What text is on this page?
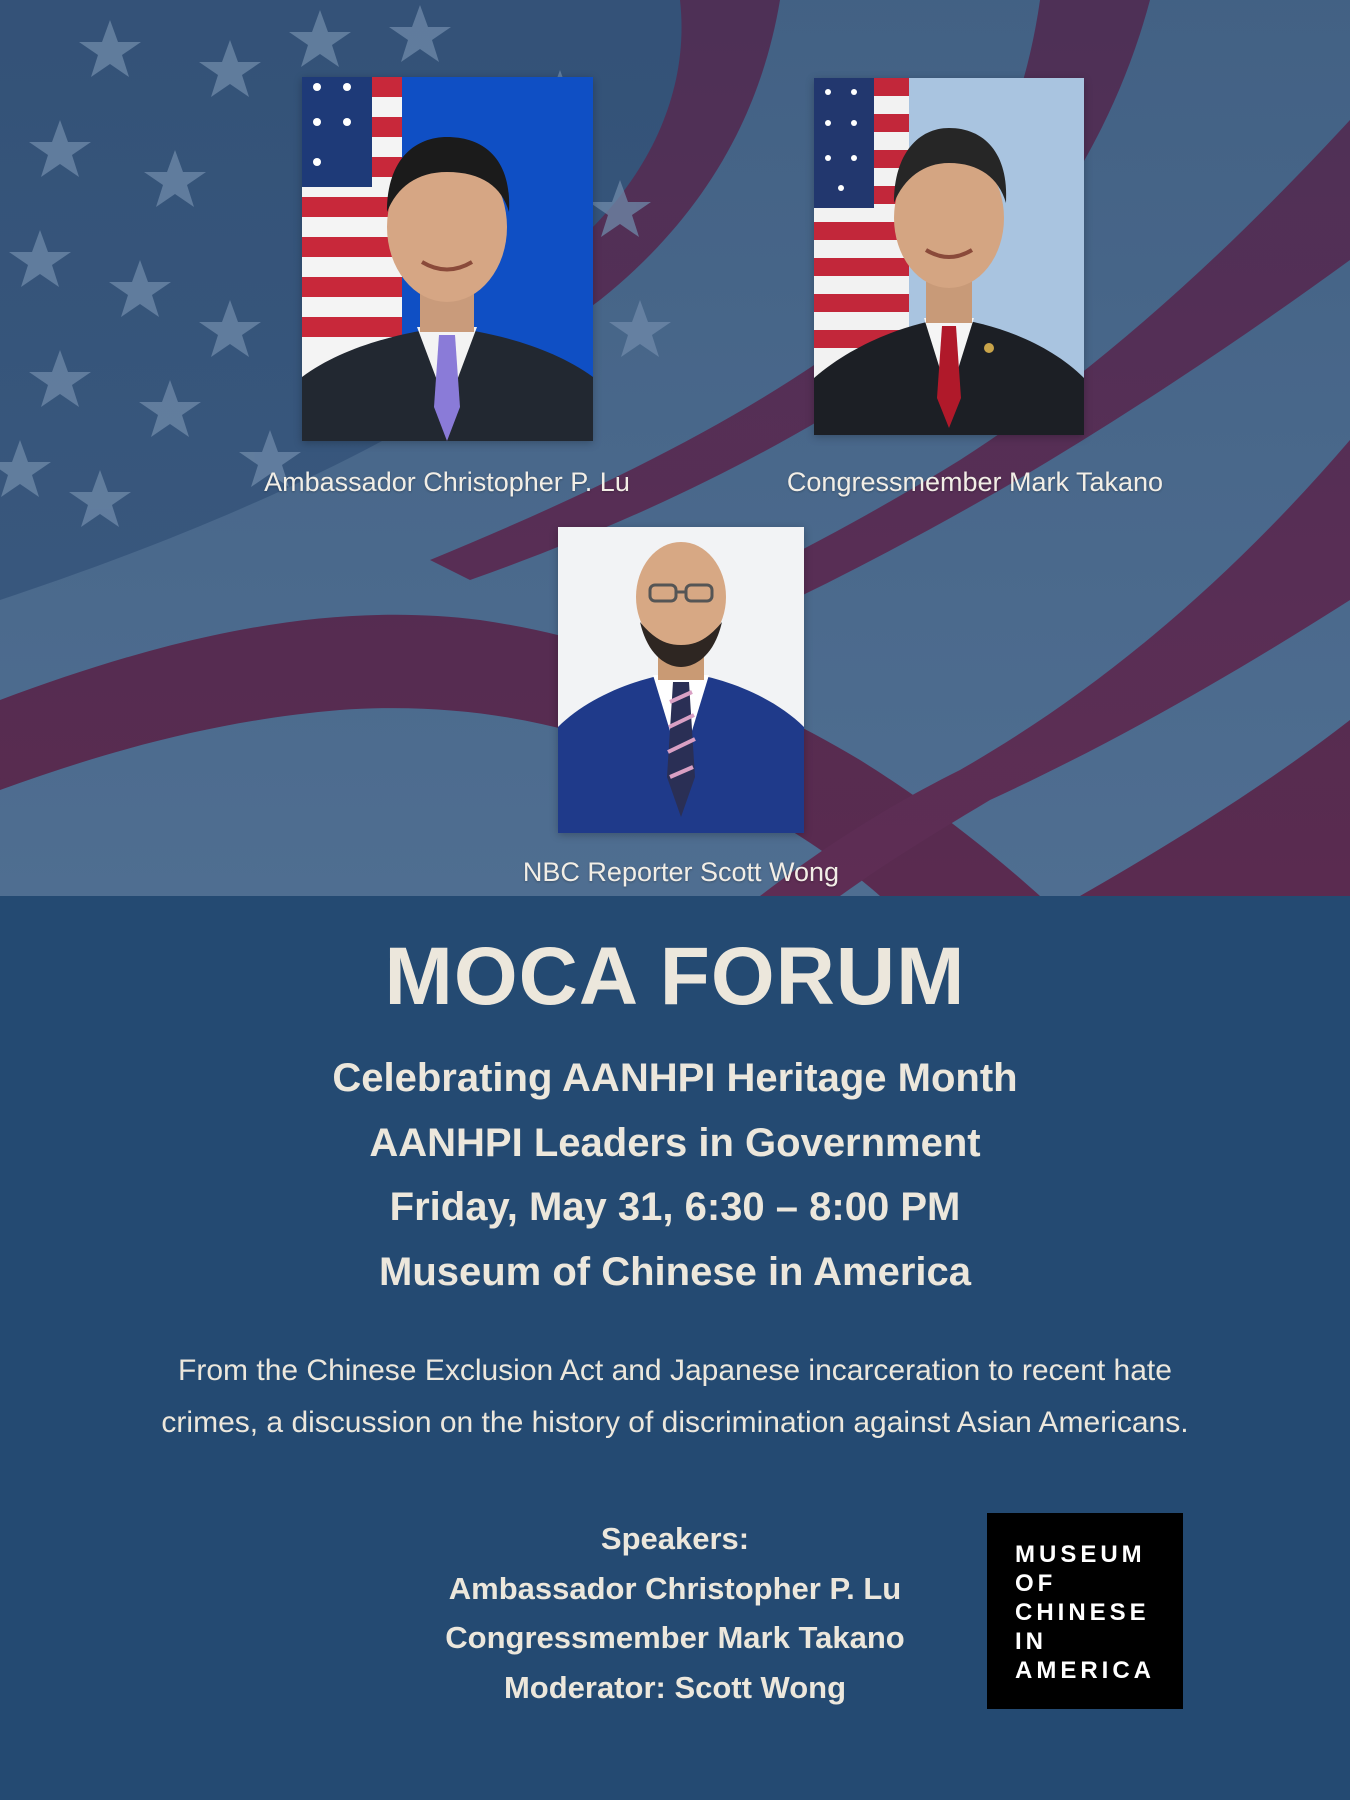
Ambassador Christopher P. Lu	Congressmember Mark Takano
NBC Reporter Scott Wong
MOCA FORUM
Celebrating AANHPI Heritage Month
AANHPI Leaders in Government
Friday, May 31, 6:30 – 8:00 PM
Museum of Chinese in America
From the Chinese Exclusion Act and Japanese incarceration to recent hate
crimes, a discussion on the history of discrimination against Asian Americans.
Speakers:
Ambassador Christopher P. Lu
Congressmember Mark Takano
Moderator: Scott Wong
MUSEUM
OF
CHINESE
IN
AMERICA
